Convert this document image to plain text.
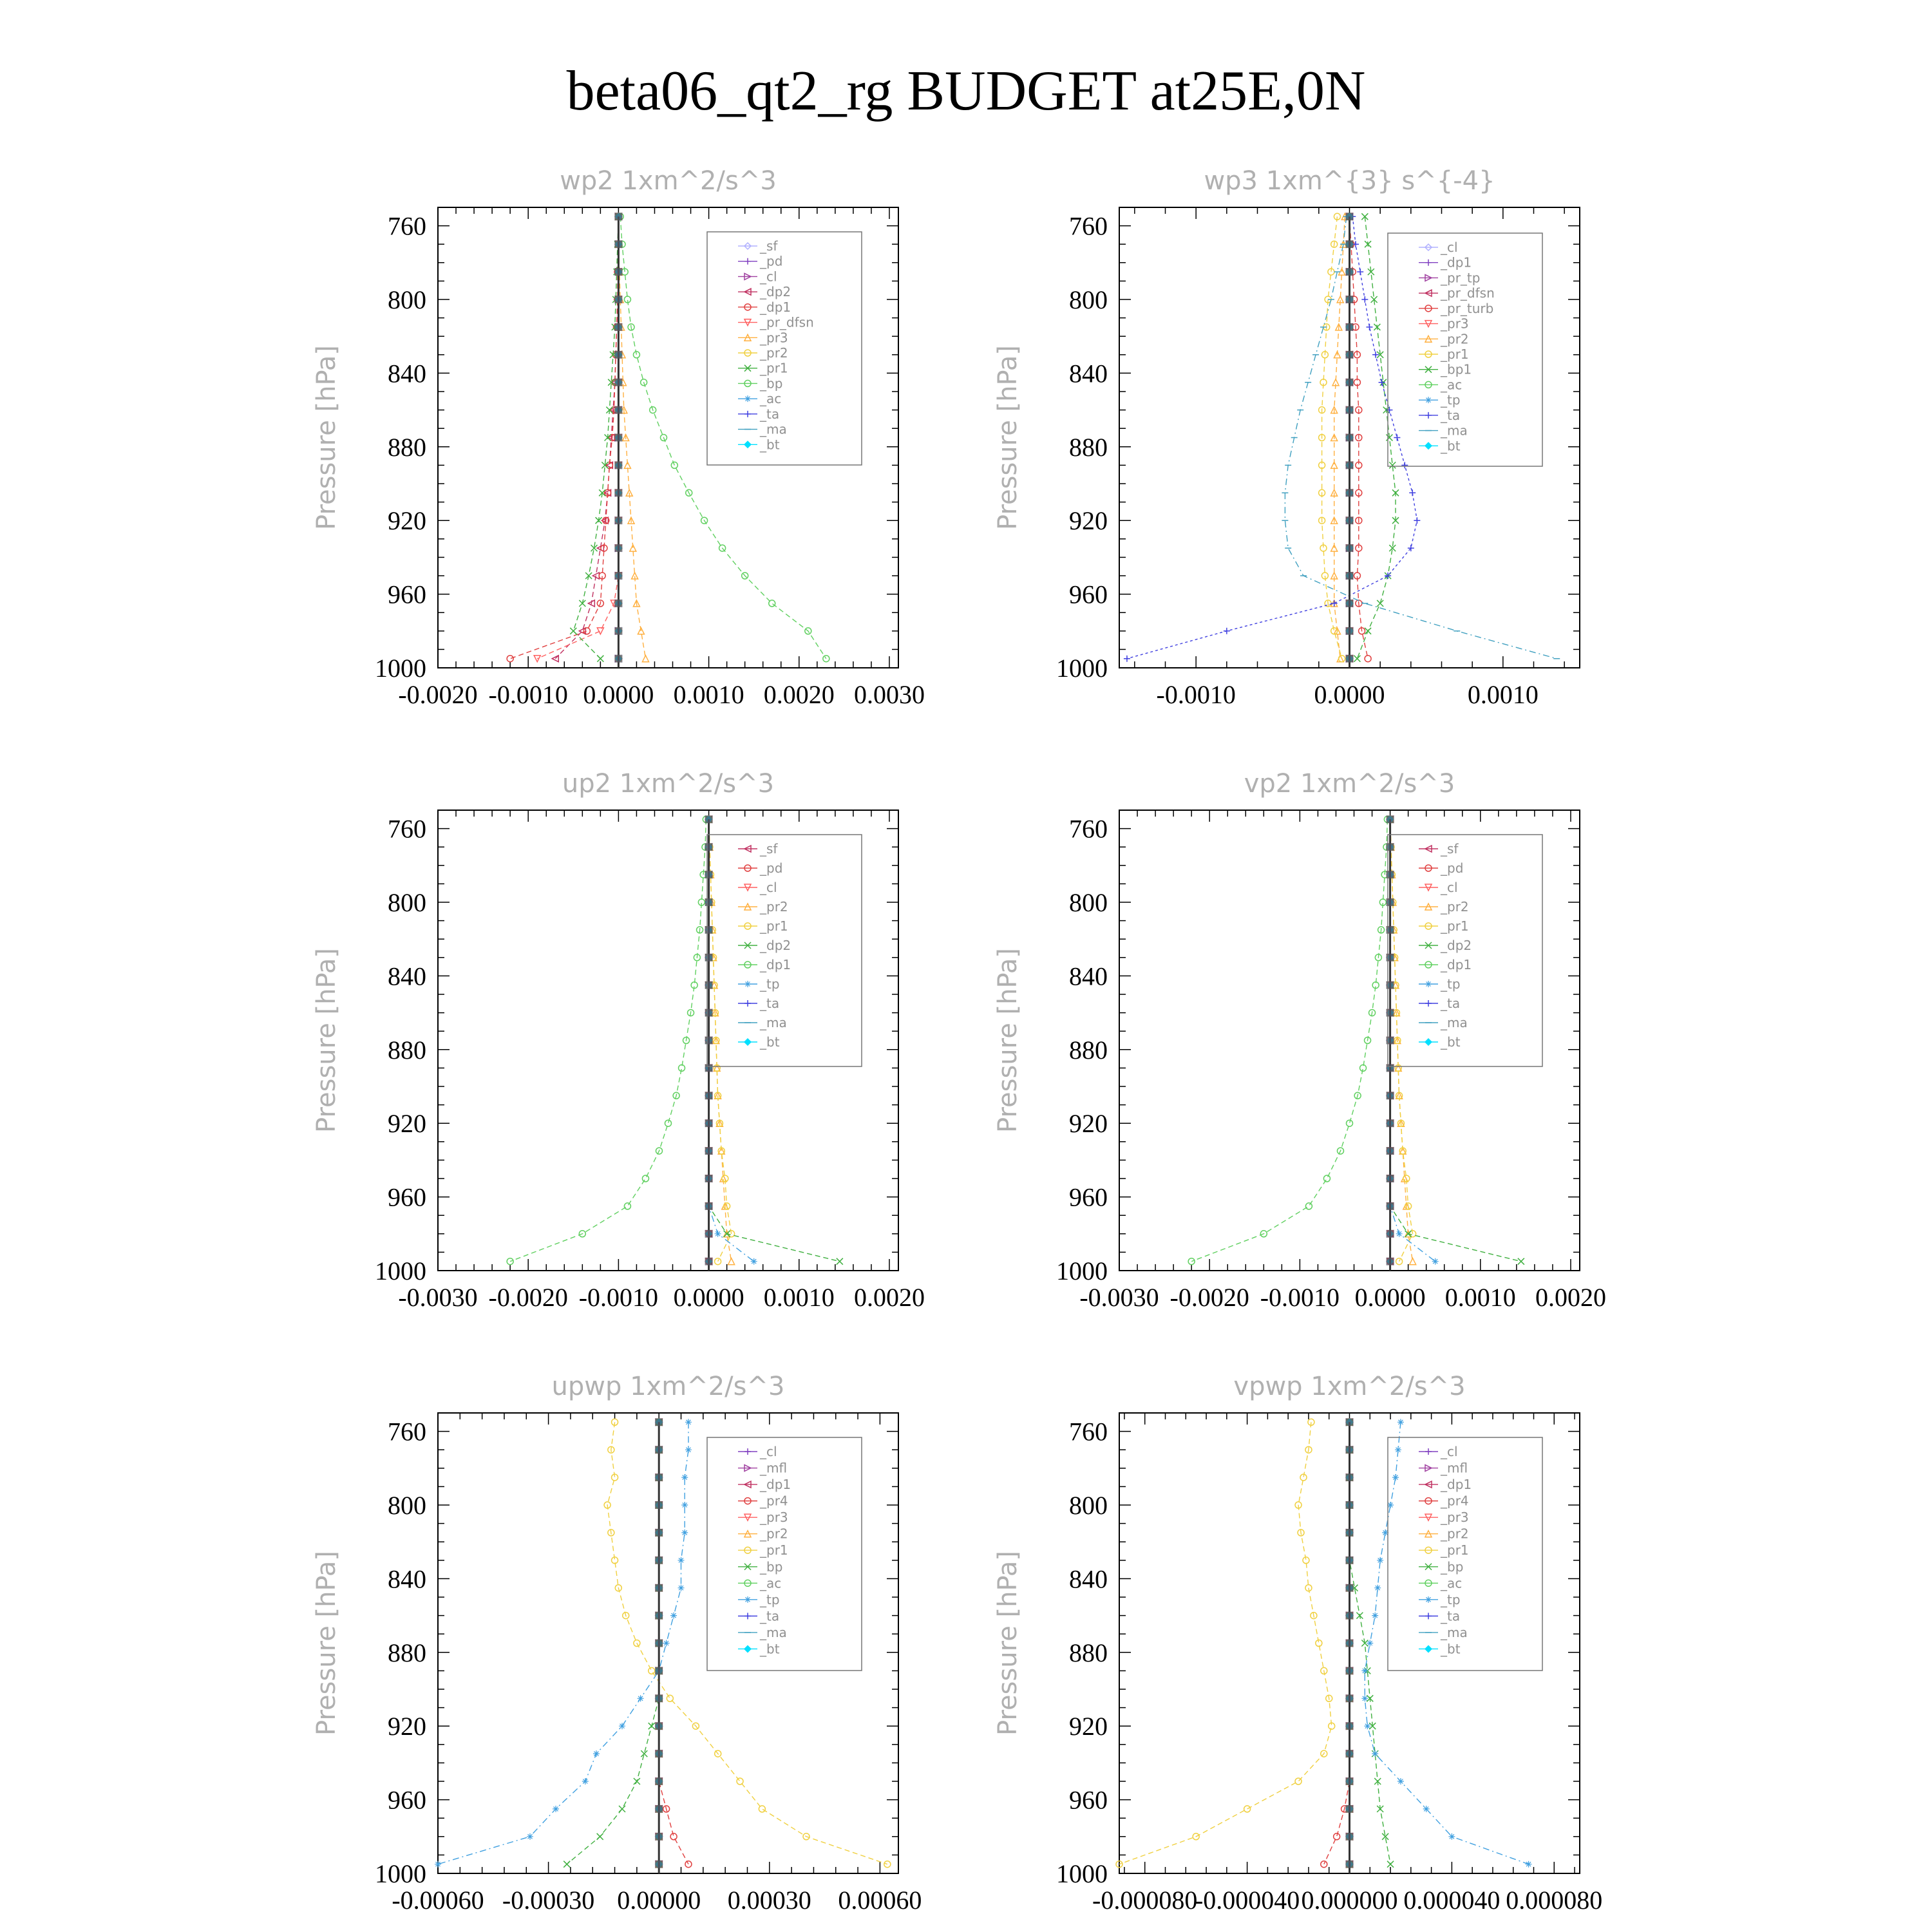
beta06_qt2_rg BUDGET at25E,0N
wp2 1xm^2/s^3
Pressure [hPa]
760
800
840
880
920
960
1000
-0.0020 -0.0010 0.0000 0.0010 0.0020 0.0030
_sf
_pd
_cl
_dp2
_dp1
_pr_dfsn
_pr3
_pr2
_pr1
_bp
_ac
_ta
_ma
_bt
wp3 1xm^{3} s^{-4}
Pressure [hPa]
760
800
840
880
920
960
1000
-0.0010	0.0000	0.0010
_cl
_dp1
_pr_tp
_pr_dfsn
_pr_turb
_pr3
_pr2
_pr1
_bp1
_ac
_tp
_ta
_ma
_bt
up2 1xm^2/s^3
Pressure [hPa]
760
800
840
880
920
960
1000
-0.0030 -0.0020 -0.0010 0.0000 0.0010 0.0020
_sf
_pd
_cl
_pr2
_pr1
_dp2
_dp1
_tp
_ta
_ma
_bt
vp2 1xm^2/s^3
Pressure [hPa]
760
800
840
880
920
960
1000
-0.0030 -0.0020 -0.0010 0.0000 0.0010 0.0020
_sf
_pd
_cl
_pr2
_pr1
_dp2
_dp1
_tp
_ta
_ma
_bt
upwp 1xm^2/s^3
Pressure [hPa]
760
800
840
880
920
960
1000
-0.00060 -0.00030 0.00000 0.00030 0.00060
_cl
_mfl
_dp1
_pr4
_pr3
_pr2
_pr1
_bp
_ac
_tp
_ta
_ma
_bt
vpwp 1xm^2/s^3
Pressure [hPa]
760
800
840
880
920
960
1000
-0.000080
-0.000040 0.000000 0.000040 0.000080
_cl
_mfl
_dp1
_pr4
_pr3
_pr2
_pr1
_bp
_ac
_tp
_ta
_ma
_bt
